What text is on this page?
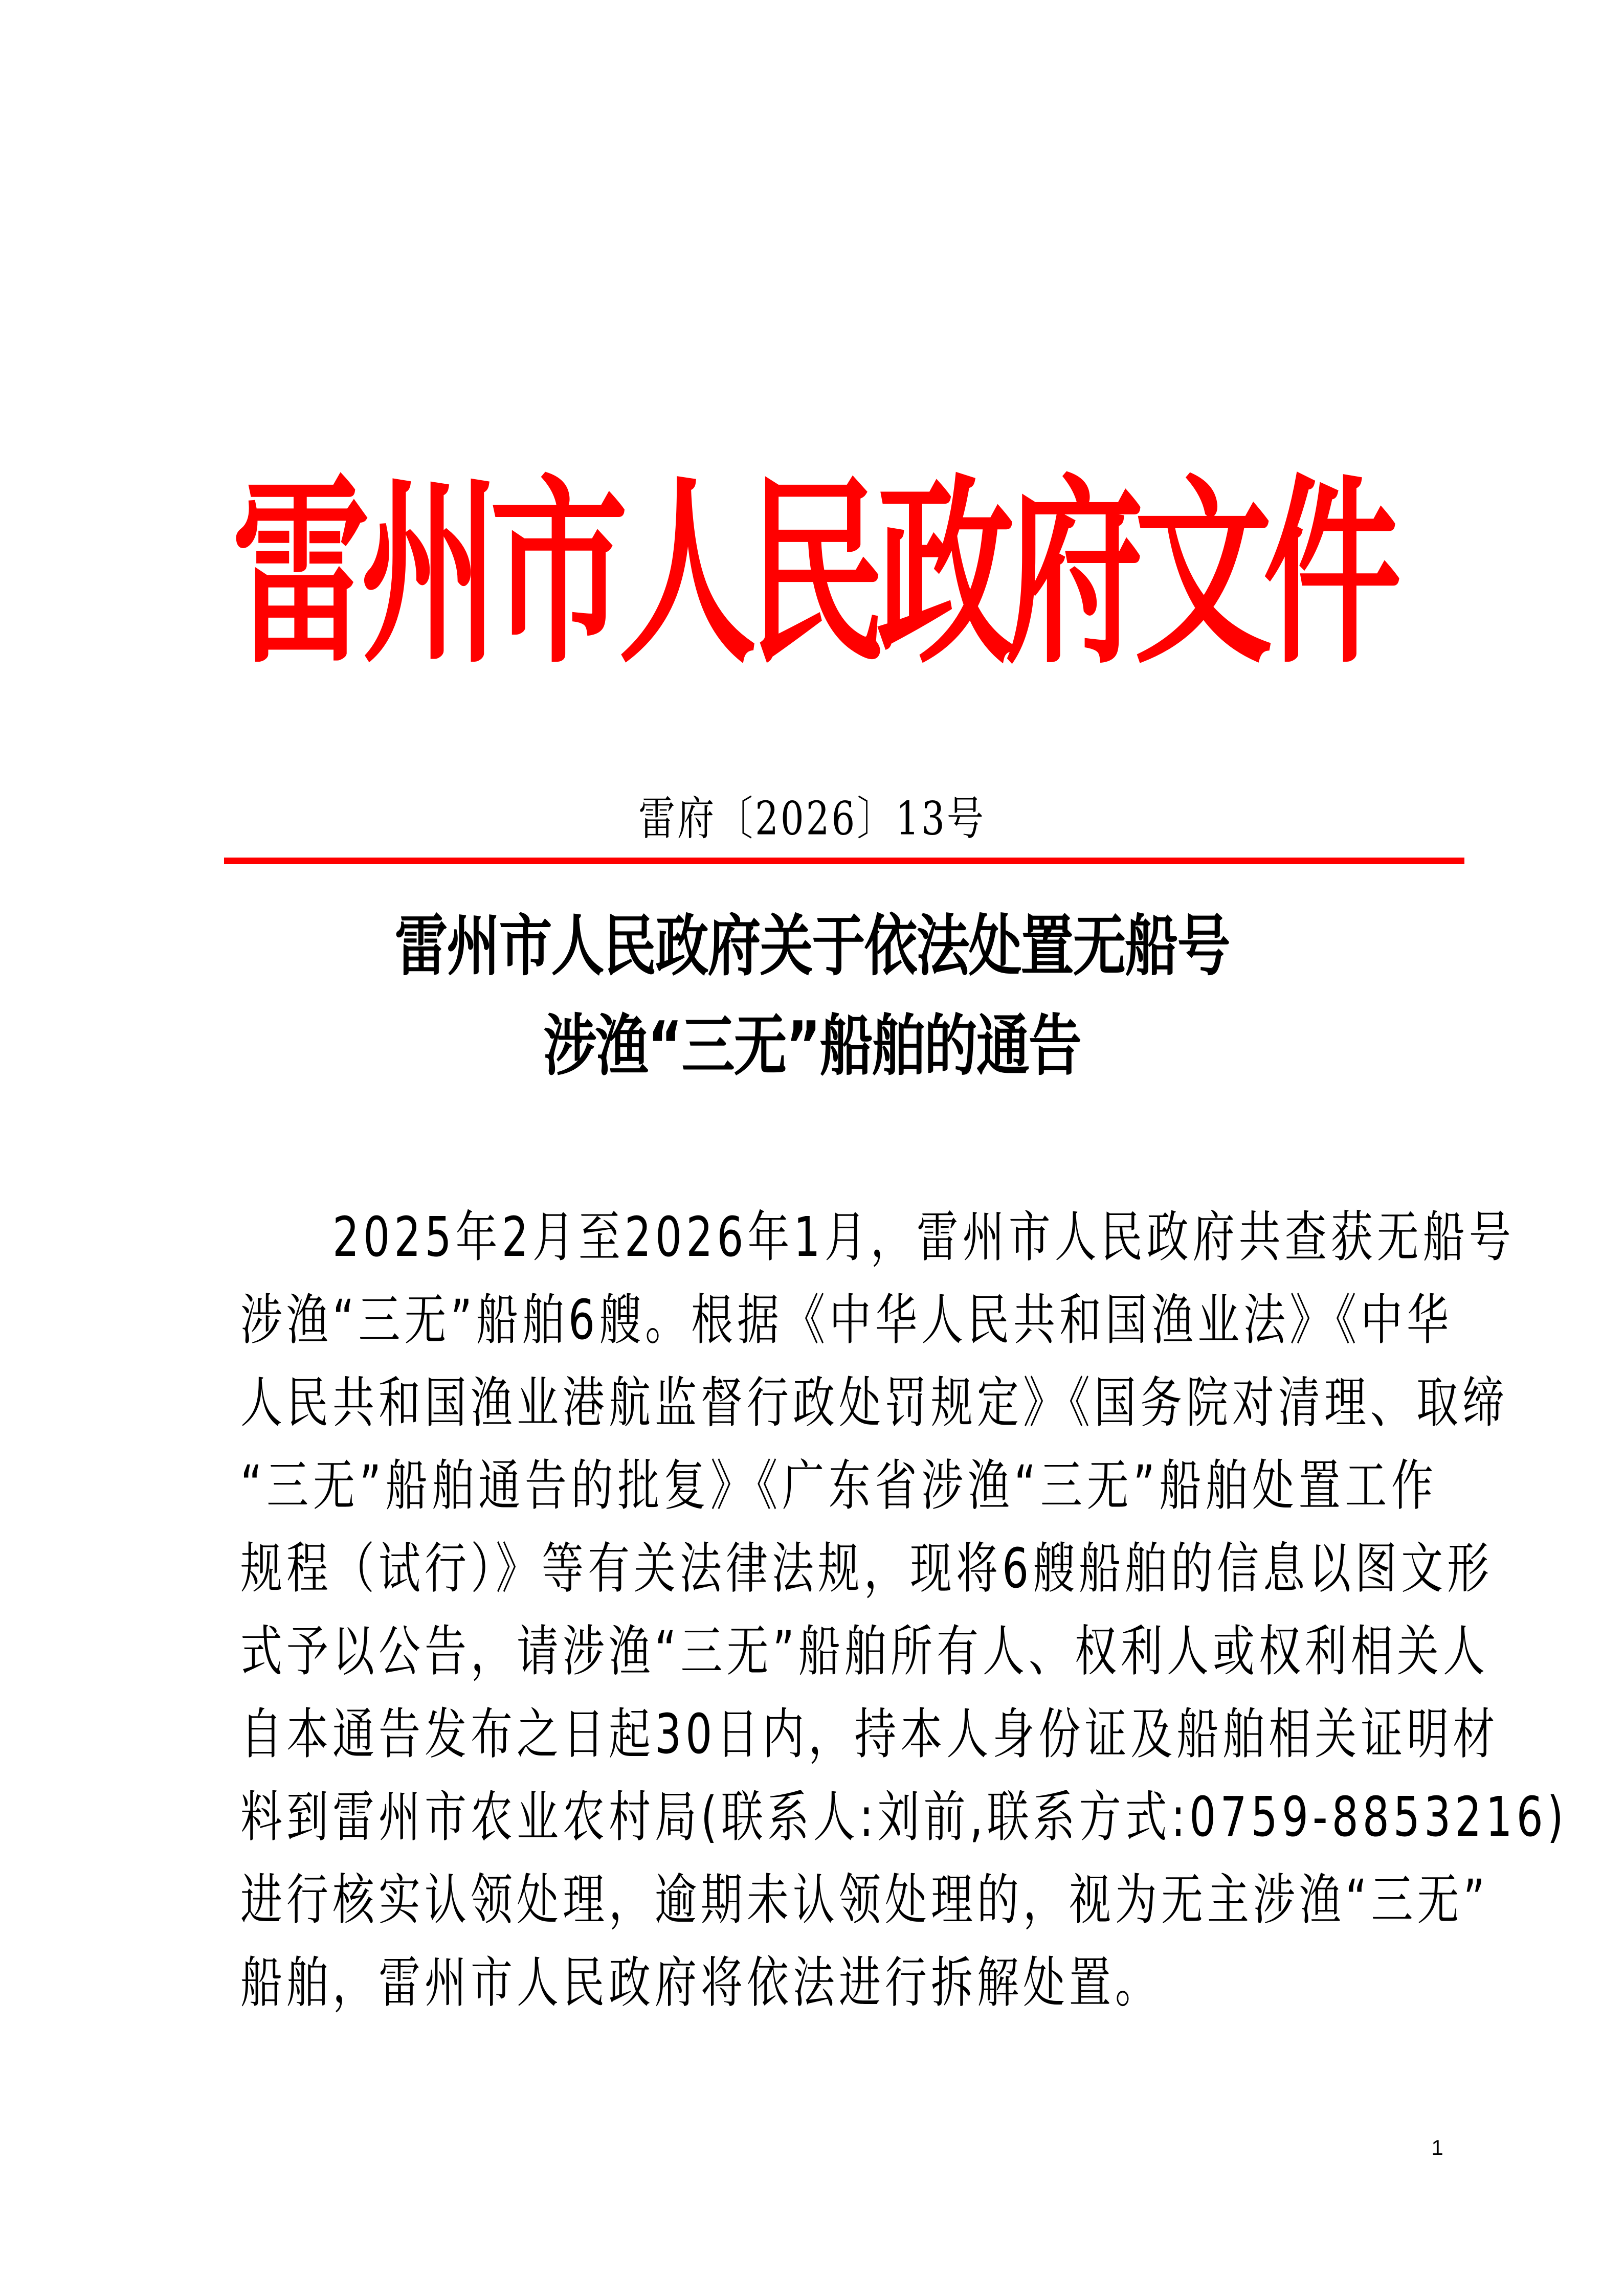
雷州市人民政府文件
雷府〔2026〕13号
雷州市人民政府关于依法处置无船号
涉渔“三无”船舶的通告
2025年2月至2026年1月，雷州市人民政府共查获无船号
涉渔“三无”船舶6艘。根据《中华人民共和国渔业法》《中华
人民共和国渔业港航监督行政处罚规定》《国务院对清理、取缔
“三无”船舶通告的批复》《广东省涉渔“三无”船舶处置工作
规程（试行）》等有关法律法规，现将6艘船舶的信息以图文形
式予以公告，请涉渔“三无”船舶所有人、权利人或权利相关人
自本通告发布之日起30日内，持本人身份证及船舶相关证明材
料到雷州市农业农村局(联系人:刘前,联系方式:0759-8853216)
进行核实认领处理，逾期未认领处理的，视为无主涉渔“三无”
船舶，雷州市人民政府将依法进行拆解处置。
1
